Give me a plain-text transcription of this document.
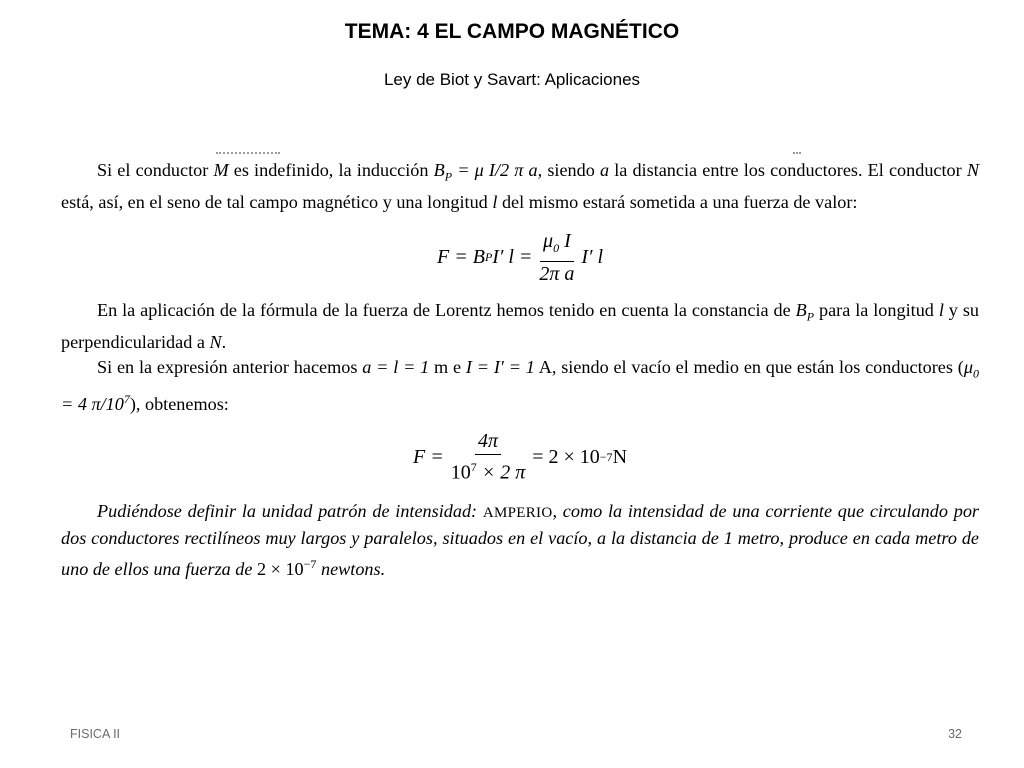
TEMA: 4 EL CAMPO MAGNÉTICO
Ley de Biot y Savart: Aplicaciones

Si el conductor M es indefinido, la inducción $B_P = \mu$ I/2 π a, siendo a la distancia entre los conductores. El conductor N está, así, en el seno de tal campo magnético y una longitud l del mismo estará sometida a una fuerza de valor:

F = B P I′ $l = \frac{\mu_0 I}{\text{2π a}} I'$ l

En la aplicación de la fórmula de la fuerza de Lorentz hemos tenido en cuenta la constancia de $B_P$ para la longitud l y su perpendicularidad a N.

Si en la expresión anterior hacemos a = l = 1 m e I = I′ = 1 A, siendo el vacío el medio en que están los conductores ($\mu_0 = 4$ $\pi/10^7$), obtenemos:

$F = \frac{4\pi}{10^7 \times 2 \pi} = 2 \times 10 -7$ N

Pudiéndose definir la unidad patrón de intensidad: AMPERIO, como la intensidad de una corriente que circulando por dos conductores rectilíneos muy largos y paralelos, situados en el vacío, a la distancia de 1 metro, produce en cada metro de uno de ellos una fuerza de $2 \times 10^{-7}$ newtons.

FISICA II	32
